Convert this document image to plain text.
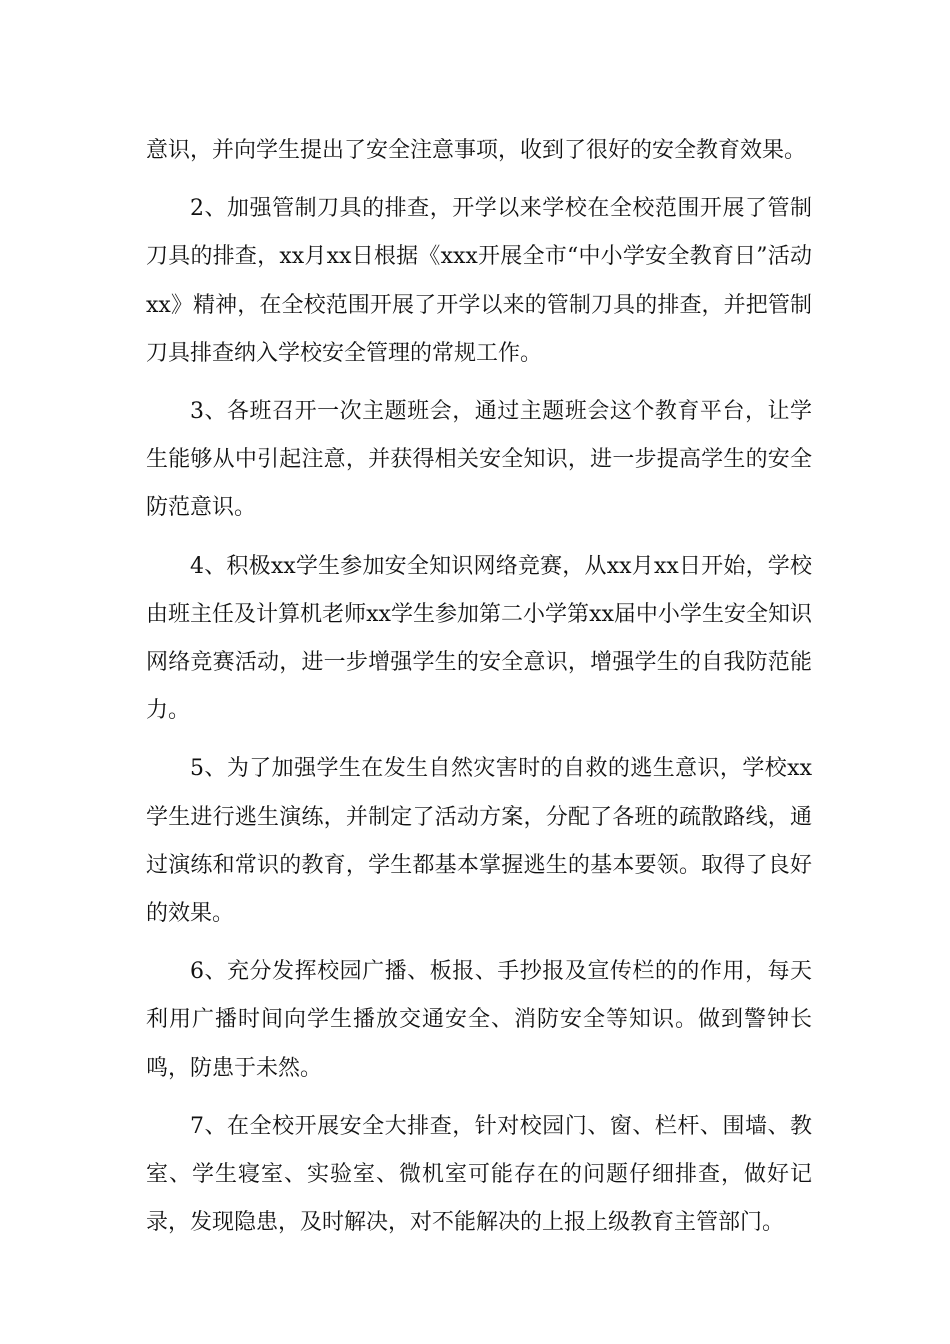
意识，并向学生提出了安全注意事项，收到了很好的安全教育效果。

2、加强管制刀具的排查，开学以来学校在全校范围开展了管制刀具的排查，xx月xx日根据《xxx开展全市“中小学安全教育日”活动xx》精神，在全校范围开展了开学以来的管制刀具的排查，并把管制刀具排查纳入学校安全管理的常规工作。

3、各班召开一次主题班会，通过主题班会这个教育平台，让学生能够从中引起注意，并获得相关安全知识，进一步提高学生的安全防范意识。

4、积极xx学生参加安全知识网络竞赛，从xx月xx日开始，学校由班主任及计算机老师xx学生参加第二小学第xx届中小学生安全知识网络竞赛活动，进一步增强学生的安全意识，增强学生的自我防范能力。

5、为了加强学生在发生自然灾害时的自救的逃生意识，学校xx学生进行逃生演练，并制定了活动方案，分配了各班的疏散路线，通过演练和常识的教育，学生都基本掌握逃生的基本要领。取得了良好的效果。

6、充分发挥校园广播、板报、手抄报及宣传栏的的作用，每天利用广播时间向学生播放交通安全、消防安全等知识。做到警钟长鸣，防患于未然。

7、在全校开展安全大排查，针对校园门、窗、栏杆、围墙、教室、学生寝室、实验室、微机室可能存在的问题仔细排查，做好记录，发现隐患，及时解决，对不能解决的上报上级教育主管部门。
